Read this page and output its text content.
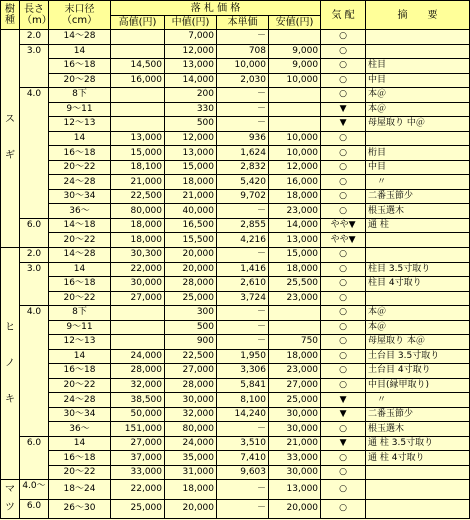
樹
種	長さ
（m）	末口径
（cm）	落 札 価 格				気 配	摘　　要
			高値(円)	中値(円)	本単価	安値(円)		
ス

ギ	2.0	14～28		7,000	－		○	
	3.0	14		12,000	708	9,000	○	
		16～18	14,500	13,000	10,000	9,000	○	柱目
		20～28	16,000	14,000	2,030	10,000	○	中目
	4.0	8下		200	－		○	本＠
		9～11		330	－		▼	本＠
		12～13		500	－		▼	母屋取り 中＠
		14	13,000	12,000	936	10,000	○	
		16～18	15,000	13,000	1,624	10,000	○	桁目
		20～22	18,100	15,000	2,832	12,000	○	中目
		24～28	21,000	18,000	5,420	16,000	○	　〃
		30～34	22,500	21,000	9,702	18,000	○	二番玉節少
		36～	80,000	40,000	－	23,000	○	根玉選木
	6.0	14～18	18,000	16,500	2,855	14,000	やや▼	通 柱
		20～22	18,000	15,500	4,216	13,000	やや▼	
ヒ

ノ

キ	2.0	14～28	30,300	20,000	－	15,000	○	
	3.0	14	22,000	20,000	1,416	18,000	○	柱目 3.5寸取り
		16～18	30,000	28,000	2,610	25,500	○	柱目 4寸取り
		20～22	27,000	25,000	3,724	23,000	○	
	4.0	8下		300	－		○	本＠
		9～11		500	－		○	本＠
		12～13		900	－	750	○	母屋取り 本＠
		14	24,000	22,500	1,950	18,000	○	土台目 3.5寸取り
		16～18	28,000	27,000	3,306	23,000	○	土台目 4寸取り
		20～22	32,000	28,000	5,841	27,000	○	中目(縁甲取り)
		24～28	38,500	30,000	8,100	25,000	▼	　〃
		30～34	50,000	32,000	14,240	30,000	▼	二番玉節少
		36～	151,000	80,000	－	30,000	○	根玉選木
	6.0	14	27,000	24,000	3,510	21,000	▼	通 柱 3.5寸取り
		16～18	37,000	35,000	7,410	33,000	○	通 柱 4寸取り
		20～22	33,000	31,000	9,603	30,000	○	
マ
ツ	4.0～	18～24	22,000	18,000	－	13,000	○	
	6.0	26～30	25,000	20,000	－	20,000	○	
